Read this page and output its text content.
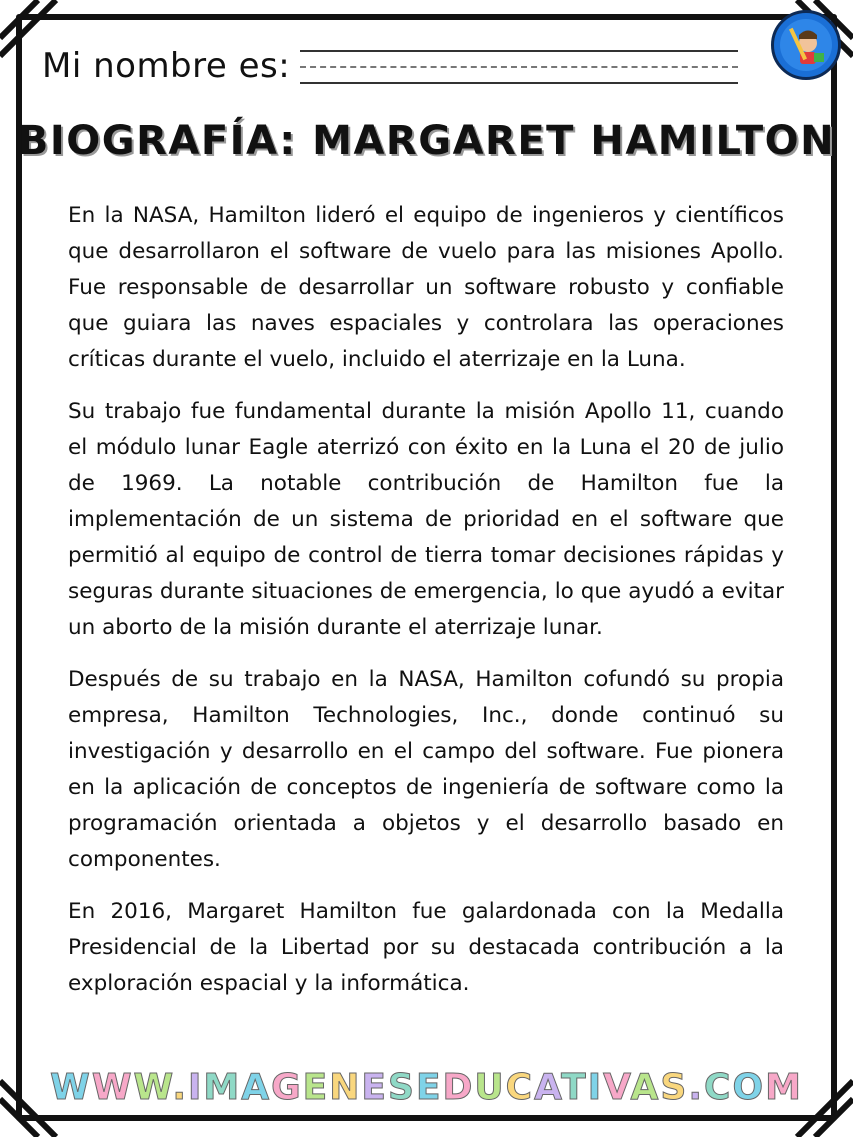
Mi nombre es:
BIOGRAFÍA: MARGARET HAMILTON

En la NASA, Hamilton lideró el equipo de ingenieros y científicos que desarrollaron el software de vuelo para las misiones Apollo. Fue responsable de desarrollar un software robusto y confiable que guiara las naves espaciales y controlara las operaciones críticas durante el vuelo, incluido el aterrizaje en la Luna.

Su trabajo fue fundamental durante la misión Apollo 11, cuando el módulo lunar Eagle aterrizó con éxito en la Luna el 20 de julio de 1969. La notable contribución de Hamilton fue la implementación de un sistema de prioridad en el software que permitió al equipo de control de tierra tomar decisiones rápidas y seguras durante situaciones de emergencia, lo que ayudó a evitar un aborto de la misión durante el aterrizaje lunar.

Después de su trabajo en la NASA, Hamilton cofundó su propia empresa, Hamilton Technologies, Inc., donde continuó su investigación y desarrollo en el campo del software. Fue pionera en la aplicación de conceptos de ingeniería de software como la programación orientada a objetos y el desarrollo basado en componentes.

En 2016, Margaret Hamilton fue galardonada con la Medalla Presidencial de la Libertad por su destacada contribución a la exploración espacial y la informática.

WWW.IMAGENESEDUCATIVAS.COM
